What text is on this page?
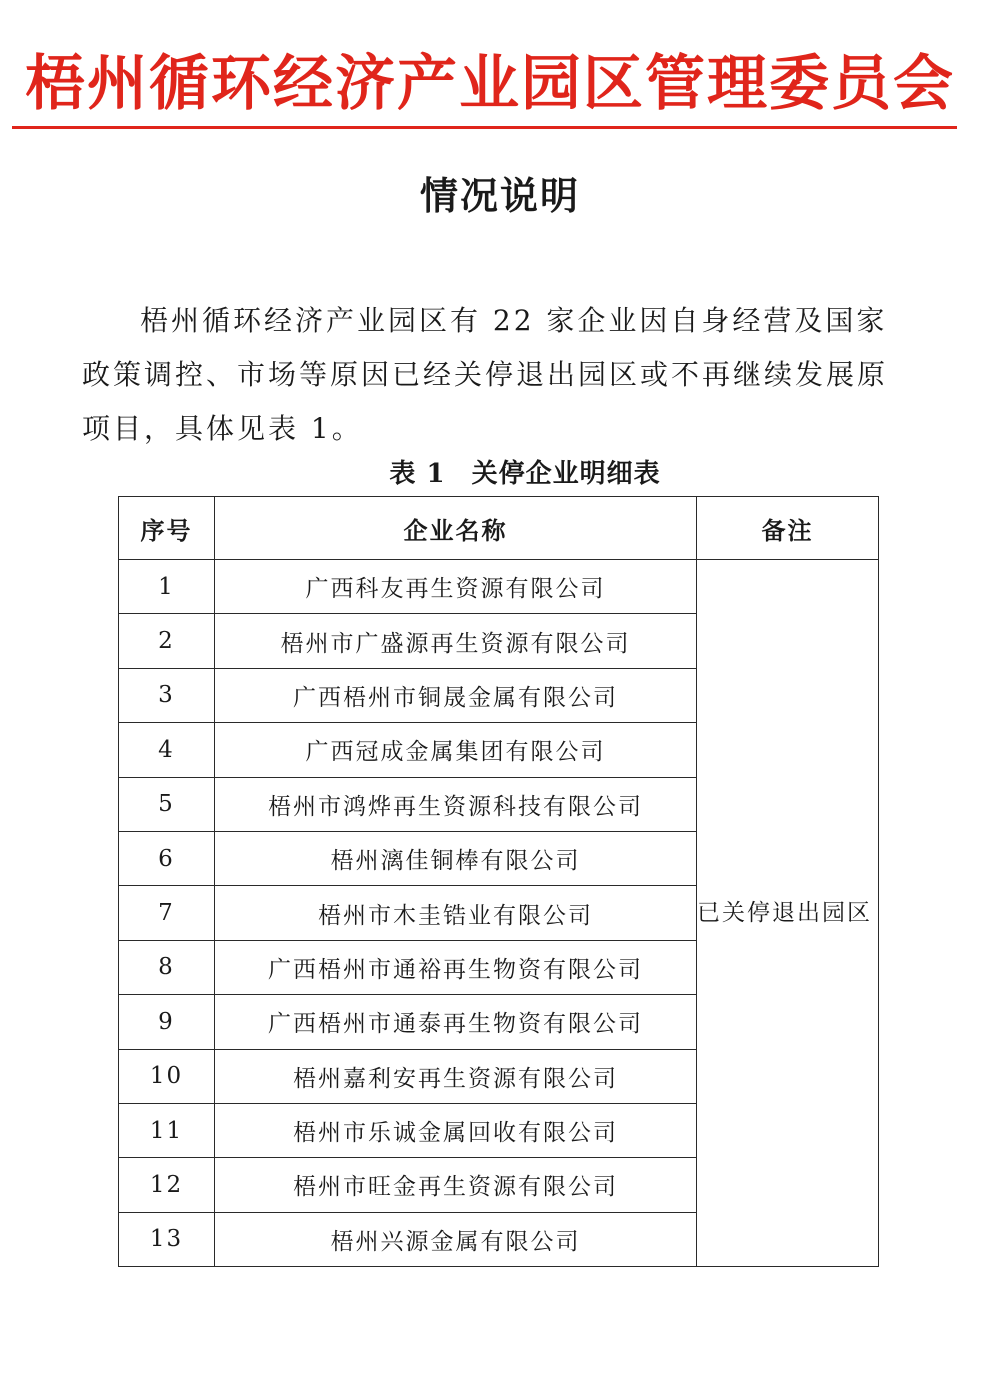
梧州循环经济产业园区管理委员会
情况说明

梧州循环经济产业园区有 22 家企业因自身经营及国家政策调控、市场等原因已经关停退出园区或不再继续发展原项目，具体见表 1。

表 1 关停企业明细表
序号	企业名称	备注
1	广西科友再生资源有限公司	已关停退出园区

2	梧州市广盛源再生资源有限公司	
3	广西梧州市铜晟金属有限公司	
4	广西冠成金属集团有限公司	
5	梧州市鸿烨再生资源科技有限公司	
6	梧州漓佳铜棒有限公司	
7	梧州市木圭锆业有限公司	
8	广西梧州市通裕再生物资有限公司	
9	广西梧州市通泰再生物资有限公司	
10	梧州嘉利安再生资源有限公司	
11	梧州市乐诚金属回收有限公司	
12	梧州市旺金再生资源有限公司	
13	梧州兴源金属有限公司	
